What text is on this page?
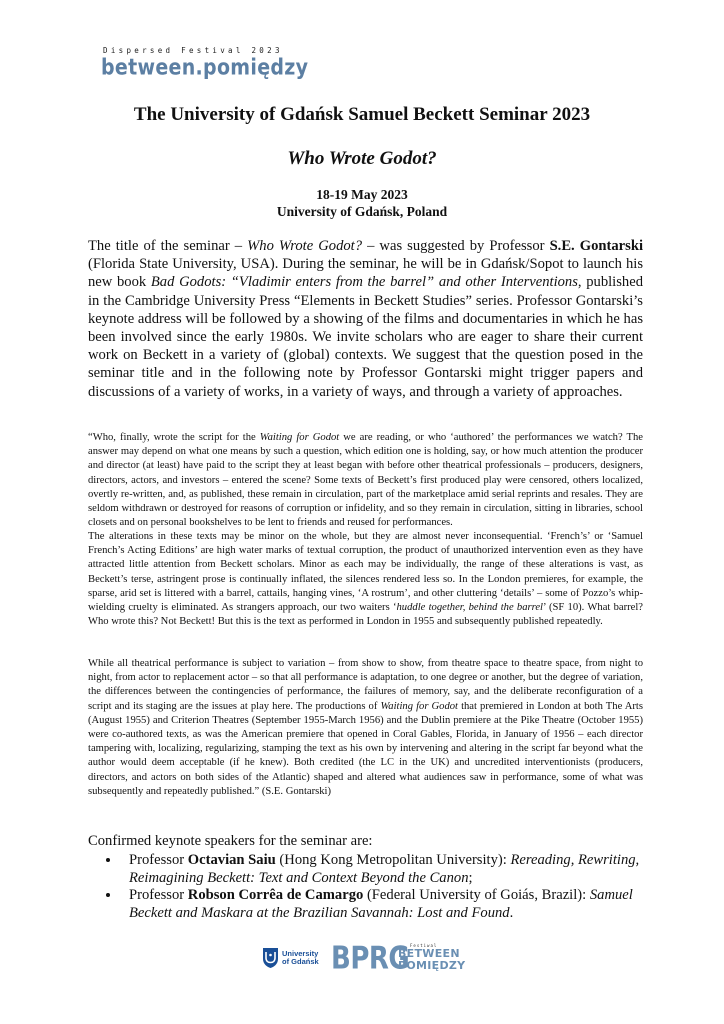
Dispersed Festival 2023
between.pomiędzy
The University of Gdańsk Samuel Beckett Seminar 2023
Who Wrote Godot?
18-19 May 2023
University of Gdańsk, Poland

The title of the seminar – Who Wrote Godot? – was suggested by Professor S.E. Gontarski (Florida State University, USA). During the seminar, he will be in Gdańsk/Sopot to launch his new book Bad Godots: “Vladimir enters from the barrel” and other Interventions, published in the Cambridge University Press “Elements in Beckett Studies” series. Professor Gontarski’s keynote address will be followed by a showing of the films and documentaries in which he has been involved since the early 1980s. We invite scholars who are eager to share their current work on Beckett in a variety of (global) contexts. We suggest that the question posed in the seminar title and in the following note by Professor Gontarski might trigger papers and discussions of a variety of works, in a variety of ways, and through a variety of approaches.

“Who, finally, wrote the script for the Waiting for Godot we are reading, or who ‘authored’ the performances we watch? The answer may depend on what one means by such a question, which edition one is holding, say, or how much attention the producer and director (at least) have paid to the script they at least began with before other theatrical professionals – producers, designers, directors, actors, and investors – entered the scene? Some texts of Beckett’s first produced play were censored, others localized, overtly re-written, and, as published, these remain in circulation, part of the marketplace amid serial reprints and resales. They are seldom withdrawn or destroyed for reasons of corruption or infidelity, and so they remain in circulation, sitting in libraries, school closets and on personal bookshelves to be lent to friends and reused for performances.

The alterations in these texts may be minor on the whole, but they are almost never inconsequential. ‘French’s’ or ‘Samuel French’s Acting Editions’ are high water marks of textual corruption, the product of unauthorized intervention even as they have attracted little attention from Beckett scholars. Minor as each may be individually, the range of these alterations is vast, as Beckett’s terse, astringent prose is continually inflated, the silences rendered less so. In the London premieres, for example, the sparse, arid set is littered with a barrel, cattails, hanging vines, ‘A rostrum’, and other cluttering ‘details’ – some of Pozzo’s whip-wielding cruelty is eliminated. As strangers approach, our two waiters ‘huddle together, behind the barrel’ (SF 10). What barrel? Who wrote this? Not Beckett! But this is the text as performed in London in 1955 and subsequently published repeatedly.

While all theatrical performance is subject to variation – from show to show, from theatre space to theatre space, from night to night, from actor to replacement actor – so that all performance is adaptation, to one degree or another, but the degree of variation, the differences between the contingencies of performance, the failures of memory, say, and the deliberate reconfiguration of a script and its staging are the issues at play here. The productions of Waiting for Godot that premiered in London at both The Arts (August 1955) and Criterion Theatres (September 1955-March 1956) and the Dublin premiere at the Pike Theatre (October 1955) were co-authored texts, as was the American premiere that opened in Coral Gables, Florida, in January of 1956 – each director tampering with, localizing, regularizing, stamping the text as his own by intervening and altering in the script far beyond what the author would deem acceptable (if he knew). Both credited (the LC in the UK) and uncredited interventionists (producers, directors, and actors on both sides of the Atlantic) shaped and altered what audiences saw in performance, some of what was subsequently and repeatedly published.” (S.E. Gontarski)

Confirmed keynote speakers for the seminar are:
• Professor Octavian Saiu (Hong Kong Metropolitan University): Rereading, Rewriting, Reimagining Beckett: Text and Context Beyond the Canon;
• Professor Robson Corrêa de Camargo (Federal University of Goiás, Brazil): Samuel Beckett and Maskara at the Brazilian Savannah: Lost and Found.
University
of Gdańsk BPRG Festiwal
BETWEEN
POMIĘDZY
